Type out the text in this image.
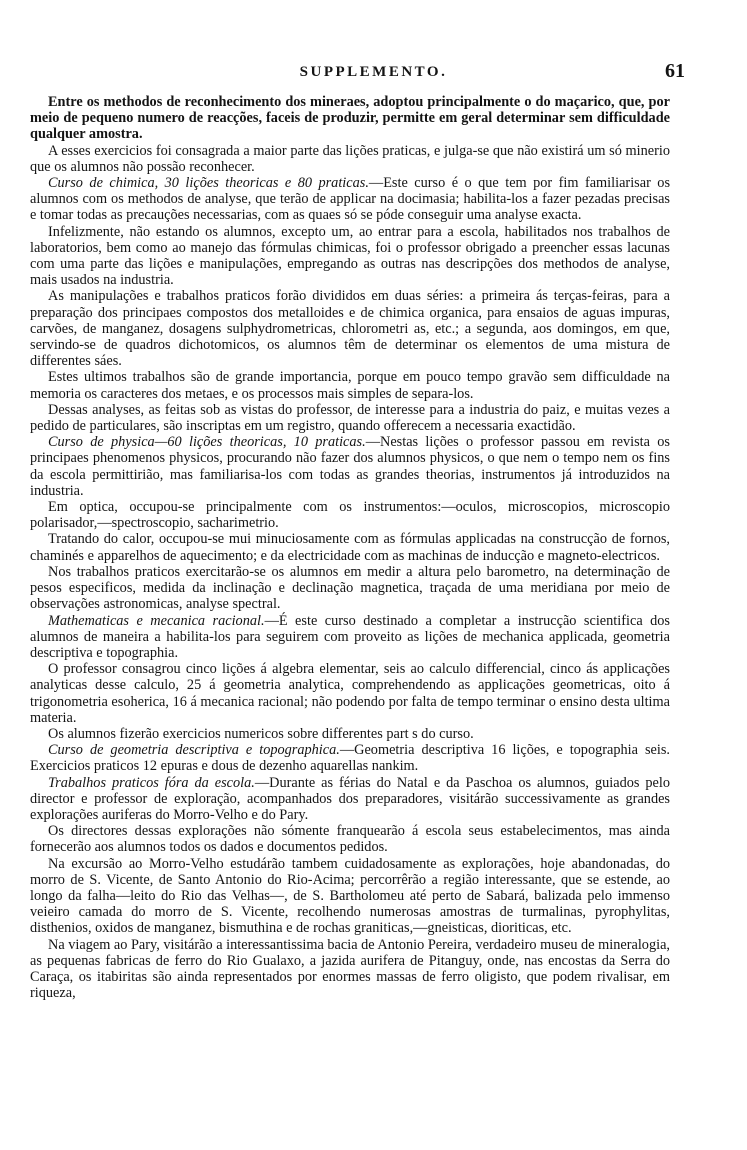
SUPPLEMENTO.	61

Entre os methodos de reconhecimento dos mineraes, adoptou principalmente o do maçarico, que, por meio de pequeno numero de reacções, faceis de produzir, permitte em geral determinar sem difficuldade qualquer amostra.

A esses exercicios foi consagrada a maior parte das lições praticas, e julga-se que não existirá um só minerio que os alumnos não possão reconhecer.

Curso de chimica, 30 lições theoricas e 80 praticas.—Este curso é o que tem por fim familiarisar os alumnos com os methodos de analyse, que terão de applicar na docimasia; habilita-los a fazer pezadas precisas e tomar todas as precauções necessarias, com as quaes só se póde conseguir uma analyse exacta.

Infelizmente, não estando os alumnos, excepto um, ao entrar para a escola, habilitados nos trabalhos de laboratorios, bem como ao manejo das fórmulas chimicas, foi o professor obrigado a preencher essas lacunas com uma parte das lições e manipulações, empregando as outras nas descripções dos methodos de analyse, mais usados na industria.

As manipulações e trabalhos praticos forão divididos em duas séries: a primeira ás terças-feiras, para a preparação dos principaes compostos dos metalloides e de chimica organica, para ensaios de aguas impuras, carvões, de manganez, dosagens sulphydrometricas, chlorometri as, etc.; a segunda, aos domingos, em que, servindo-se de quadros dichotomicos, os alumnos têm de determinar os elementos de uma mistura de differentes sáes.

Estes ultimos trabalhos são de grande importancia, porque em pouco tempo gravão sem difficuldade na memoria os caracteres dos metaes, e os processos mais simples de separa-los.

Dessas analyses, as feitas sob as vistas do professor, de interesse para a industria do paiz, e muitas vezes a pedido de particulares, são inscriptas em um registro, quando offerecem a necessaria exactidão.

Curso de physica—60 lições theoricas, 10 praticas.—Nestas lições o professor passou em revista os principaes phenomenos physicos, procurando não fazer dos alumnos physicos, o que nem o tempo nem os fins da escola permittirião, mas familiarisa-los com todas as grandes theorias, instrumentos já introduzidos na industria.

Em optica, occupou-se principalmente com os instrumentos:—oculos, microscopios, microscopio polarisador,—spectroscopio, sacharimetrio.

Tratando do calor, occupou-se mui minuciosamente com as fórmulas applicadas na construcção de fornos, chaminés e apparelhos de aquecimento; e da electricidade com as machinas de inducção e magneto-electricos.

Nos trabalhos praticos exercitarão-se os alumnos em medir a altura pelo barometro, na determinação de pesos especificos, medida da inclinação e declinação magnetica, traçada de uma meridiana por meio de observações astronomicas, analyse spectral.

Mathematicas e mecanica racional.—É este curso destinado a completar a instrucção scientifica dos alumnos de maneira a habilita-los para seguirem com proveito as lições de mechanica applicada, geometria descriptiva e topographia.

O professor consagrou cinco lições á algebra elementar, seis ao calculo differencial, cinco ás applicações analyticas desse calculo, 25 á geometria analytica, comprehendendo as applicações geometricas, oito á trigonometria esoherica, 16 á mecanica racional; não podendo por falta de tempo terminar o ensino desta ultima materia.

Os alumnos fizerão exercicios numericos sobre differentes part s do curso.

Curso de geometria descriptiva e topographica.—Geometria descriptiva 16 lições, e topographia seis. Exercicios praticos 12 epuras e dous de dezenho aquarellas nankim.

Trabalhos praticos fóra da escola.—Durante as férias do Natal e da Paschoa os alumnos, guiados pelo director e professor de exploração, acompanhados dos preparadores, visitárão successivamente as grandes explorações auriferas do Morro-Velho e do Pary.

Os directores dessas explorações não sómente franquearão á escola seus estabelecimentos, mas ainda fornecerão aos alumnos todos os dados e documentos pedidos.

Na excursão ao Morro-Velho estudárão tambem cuidadosamente as explorações, hoje abandonadas, do morro de S. Vicente, de Santo Antonio do Rio-Acima; percorrêrão a região interessante, que se estende, ao longo da falha—leito do Rio das Velhas—, de S. Bartholomeu até perto de Sabará, balizada pelo immenso veieiro camada do morro de S. Vicente, recolhendo numerosas amostras de turmalinas, pyrophylitas, disthenios, oxidos de manganez, bismuthina e de rochas graniticas,—gneisticas, dioriticas, etc.

Na viagem ao Pary, visitárão a interessantissima bacia de Antonio Pereira, verdadeiro museu de mineralogia, as pequenas fabricas de ferro do Rio Gualaxo, a jazida aurifera de Pitanguy, onde, nas encostas da Serra do Caraça, os itabiritas são ainda representados por enormes massas de ferro oligisto, que podem rivalisar, em riqueza,
